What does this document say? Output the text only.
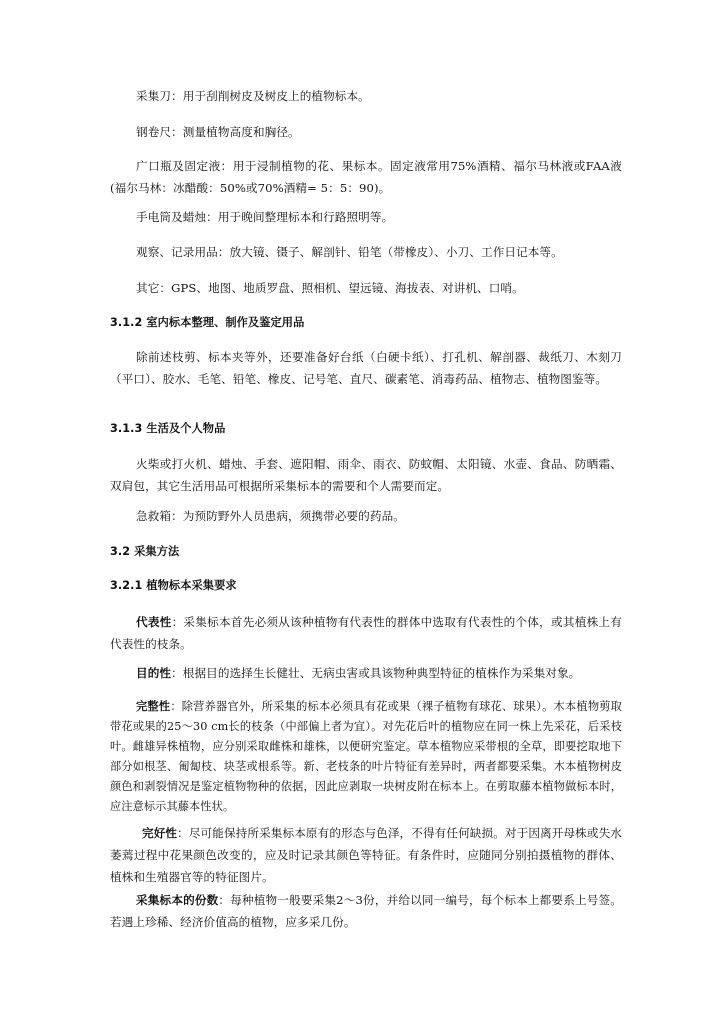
采集刀：用于刮削树皮及树皮上的植物标本。

钢卷尺：测量植物高度和胸径。

广口瓶及固定液：用于浸制植物的花、果标本。固定液常用75%酒精、福尔马林液或FAA液(福尔马林：冰醋酸：50%或70%酒精= 5：5：90)。

手电筒及蜡烛：用于晚间整理标本和行路照明等。

观察、记录用品：放大镜、镊子、解剖针、铅笔（带橡皮）、小刀、工作日记本等。

其它：GPS、地图、地质罗盘、照相机、望远镜、海拔表、对讲机、口哨。

3.1.2 室内标本整理、制作及鉴定用品

除前述枝剪、标本夹等外，还要准备好台纸（白硬卡纸）、打孔机、解剖器、裁纸刀、木刻刀（平口）、胶水、毛笔、铅笔、橡皮、记号笔、直尺、碳素笔、消毒药品、植物志、植物图鉴等。

3.1.3 生活及个人物品

火柴或打火机、蜡烛、手套、遮阳帽、雨伞、雨衣、防蚊帽、太阳镜、水壶、食品、防晒霜、双肩包，其它生活用品可根据所采集标本的需要和个人需要而定。

急救箱：为预防野外人员患病，须携带必要的药品。

3.2 采集方法

3.2.1 植物标本采集要求

代表性：采集标本首先必须从该种植物有代表性的群体中选取有代表性的个体，或其植株上有代表性的枝条。

目的性：根据目的选择生长健壮、无病虫害或具该物种典型特征的植株作为采集对象。

完整性：除营养器官外，所采集的标本必须具有花或果（裸子植物有球花、球果）。木本植物剪取带花或果的25～30 cm长的枝条（中部偏上者为宜）。对先花后叶的植物应在同一株上先采花，后采枝叶。雌雄异株植物，应分别采取雌株和雄株，以便研究鉴定。草本植物应采带根的全草，即要挖取地下部分如根茎、匍匐枝、块茎或根系等。新、老枝条的叶片特征有差异时，两者都要采集。木本植物树皮颜色和剥裂情况是鉴定植物物种的依据，因此应剥取一块树皮附在标本上。在剪取藤本植物做标本时，应注意标示其藤本性状。

完好性：尽可能保持所采集标本原有的形态与色泽，不得有任何缺损。对于因离开母株或失水萎蔫过程中花果颜色改变的，应及时记录其颜色等特征。有条件时，应随同分别拍摄植物的群体、植株和生殖器官等的特征图片。

采集标本的份数：每种植物一般要采集2～3份，并给以同一编号，每个标本上都要系上号签。若遇上珍稀、经济价值高的植物，应多采几份。
